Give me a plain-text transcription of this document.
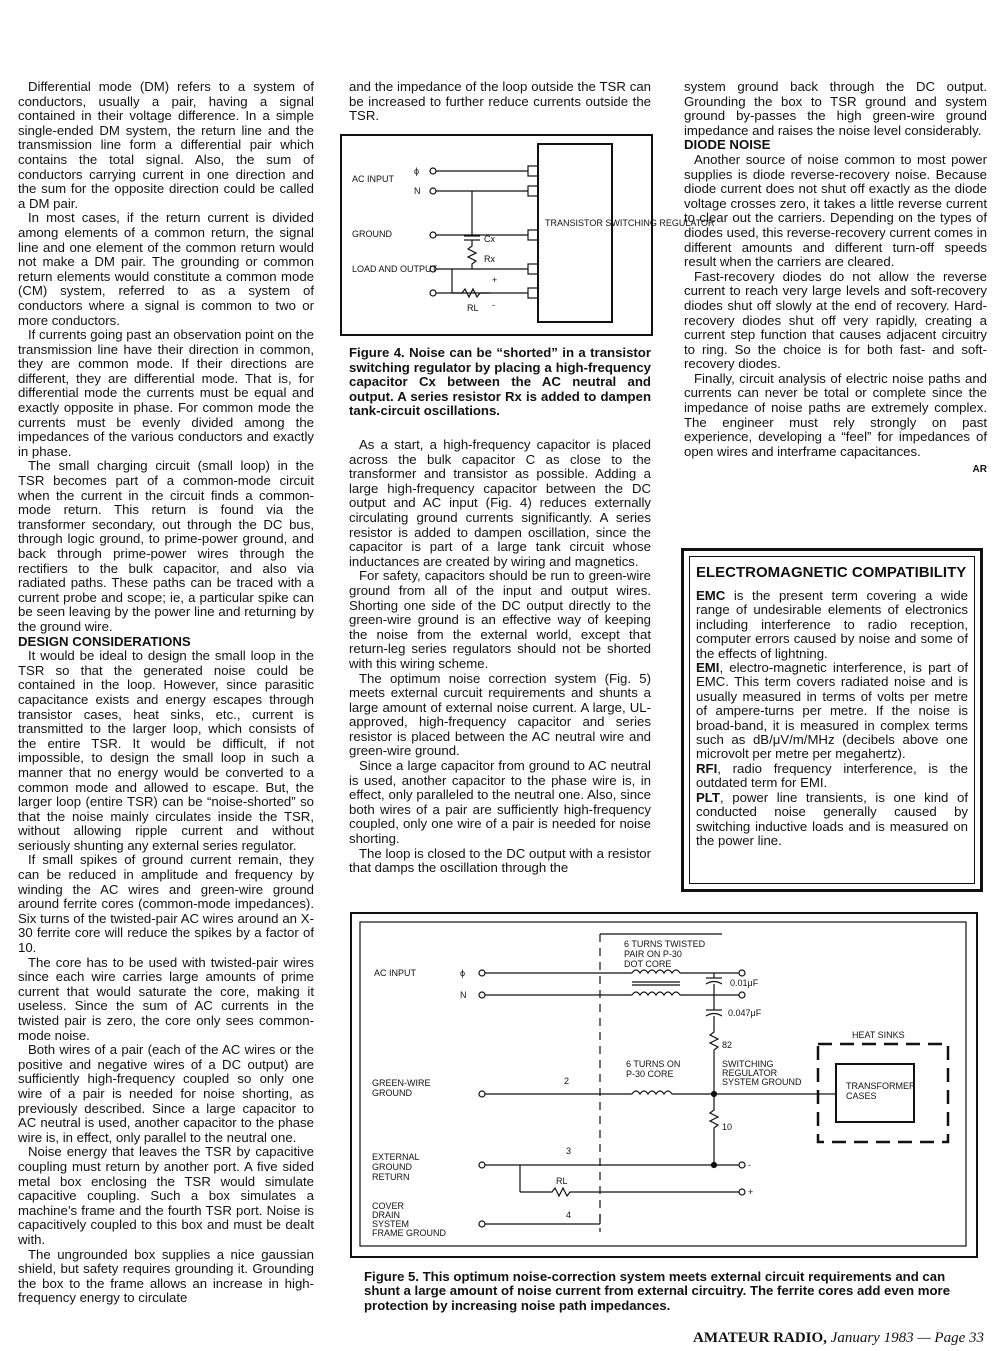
Differential mode (DM) refers to a system of conductors, usually a pair, having a signal contained in their voltage difference. In a simple single-ended DM system, the return line and the transmission line form a differential pair which contains the total signal. Also, the sum of conductors carrying current in one direction and the sum for the opposite direction could be called a DM pair.

In most cases, if the return current is divided among elements of a common return, the signal line and one element of the common return would not make a DM pair. The grounding or common return elements would constitute a common mode (CM) system, referred to as a system of conductors where a signal is common to two or more conductors.

If currents going past an observation point on the transmission line have their direction in common, they are common mode. If their directions are different, they are differential mode. That is, for differential mode the currents must be equal and exactly opposite in phase. For common mode the currents must be evenly divided among the impedances of the various conductors and exactly in phase.

The small charging circuit (small loop) in the TSR becomes part of a common-mode circuit when the current in the circuit finds a common-mode return. This return is found via the transformer secondary, out through the DC bus, through logic ground, to prime-power ground, and back through prime-power wires through the rectifiers to the bulk capacitor, and also via radiated paths. These paths can be traced with a current probe and scope; ie, a particular spike can be seen leaving by the power line and returning by the ground wire.

DESIGN CONSIDERATIONS

It would be ideal to design the small loop in the TSR so that the generated noise could be contained in the loop. However, since parasitic capacitance exists and energy escapes through transistor cases, heat sinks, etc., current is transmitted to the larger loop, which consists of the entire TSR. It would be difficult, if not impossible, to design the small loop in such a manner that no energy would be converted to a common mode and allowed to escape. But, the larger loop (entire TSR) can be “noise-shorted” so that the noise mainly circulates inside the TSR, without allowing ripple current and without seriously shunting any external series regulator.

If small spikes of ground current remain, they can be reduced in amplitude and frequency by winding the AC wires and green-wire ground around ferrite cores (common-mode impedances). Six turns of the twisted-pair AC wires around an X-30 ferrite core will reduce the spikes by a factor of 10.

The core has to be used with twisted-pair wires since each wire carries large amounts of prime current that would saturate the core, making it useless. Since the sum of AC currents in the twisted pair is zero, the core only sees common-mode noise.

Both wires of a pair (each of the AC wires or the positive and negative wires of a DC output) are sufficiently high-frequency coupled so only one wire of a pair is needed for noise shorting, as previously described. Since a large capacitor to AC neutral is used, another capacitor to the phase wire is, in effect, only parallel to the neutral one.

Noise energy that leaves the TSR by capacitive coupling must return by another port. A five sided metal box enclosing the TSR would simulate capacitive coupling. Such a box simulates a machine’s frame and the fourth TSR port. Noise is capacitively coupled to this box and must be dealt with.

The ungrounded box supplies a nice gaussian shield, but safety requires grounding it. Grounding the box to the frame allows an increase in high-frequency energy to circulate

and the impedance of the loop outside the TSR can be increased to further reduce currents outside the TSR.

AC INPUT
ϕ
N
GROUND
LOAD AND OUTPUT
TRANSISTOR SWITCHING REGULATOR
Cx
Rx
RL
+
-
Figure 4. Noise can be “shorted” in a transistor switching regulator by placing a high-frequency capacitor Cx between the AC neutral and output. A series resistor Rx is added to dampen tank-circuit oscillations.

As a start, a high-frequency capacitor is placed across the bulk capacitor C as close to the transformer and transistor as possible. Adding a large high-frequency capacitor between the DC output and AC input (Fig. 4) reduces externally circulating ground currents significantly. A series resistor is added to dampen oscillation, since the capacitor is part of a large tank circuit whose inductances are created by wiring and magnetics.

For safety, capacitors should be run to green-wire ground from all of the input and output wires. Shorting one side of the DC output directly to the green-wire ground is an effective way of keeping the noise from the external world, except that return-leg series regulators should not be shorted with this wiring scheme.

The optimum noise correction system (Fig. 5) meets external curcuit requirements and shunts a large amount of external noise current. A large, UL-approved, high-frequency capacitor and series resistor is placed between the AC neutral wire and green-wire ground.

Since a large capacitor from ground to AC neutral is used, another capacitor to the phase wire is, in effect, only paralleled to the neutral one. Also, since both wires of a pair are sufficiently high-frequency coupled, only one wire of a pair is needed for noise shorting.

The loop is closed to the DC output with a resistor that damps the oscillation through the

system ground back through the DC output. Grounding the box to TSR ground and system ground by-passes the high green-wire ground impedance and raises the noise level considerably.

DIODE NOISE

Another source of noise common to most power supplies is diode reverse-recovery noise. Because diode current does not shut off exactly as the diode voltage crosses zero, it takes a little reverse current to clear out the carriers. Depending on the types of diodes used, this reverse-recovery current comes in different amounts and different turn-off speeds result when the carriers are cleared.

Fast-recovery diodes do not allow the reverse current to reach very large levels and soft-recovery diodes shut off slowly at the end of recovery. Hard-recovery diodes shut off very rapidly, creating a current step function that causes adjacent circuitry to ring. So the choice is for both fast- and soft-recovery diodes.

Finally, circuit analysis of electric noise paths and currents can never be total or complete since the impedance of noise paths are extremely complex. The engineer must rely strongly on past experience, developing a “feel” for impedances of open wires and interframe capacitances.

AR
ELECTROMAGNETIC COMPATIBILITY

EMC is the present term covering a wide range of undesirable elements of electronics including interference to radio reception, computer errors caused by noise and some of the effects of lightning.

EMI, electro-magnetic interference, is part of EMC. This term covers radiated noise and is usually measured in terms of volts per metre of ampere-turns per metre. If the noise is broad-band, it is measured in complex terms such as dB/μV/m/MHz (decibels above one microvolt per metre per megahertz).

RFI, radio frequency interference, is the outdated term for EMI.

PLT, power line transients, is one kind of conducted noise generally caused by switching inductive loads and is measured on the power line.

AC INPUT	ϕ
N
6 TURNS TWISTED
PAIR ON P-30
DOT CORE
0.01μF
0.047μF
82
HEAT SINKS
6 TURNS ON
P-30 CORE
SWITCHING
REGULATOR
SYSTEM GROUND	TRANSFORMER
CASES
GREEN-WIRE
GROUND
2
10
3
EXTERNAL
GROUND
RETURN
-
+
RL
COVER
DRAIN
SYSTEM
FRAME GROUND
4
Figure 5. This optimum noise-correction system meets external circuit requirements and can shunt a large amount of noise current from external circuitry. The ferrite cores add even more protection by increasing noise path impedances.
AMATEUR RADIO, January 1983 — Page 33
